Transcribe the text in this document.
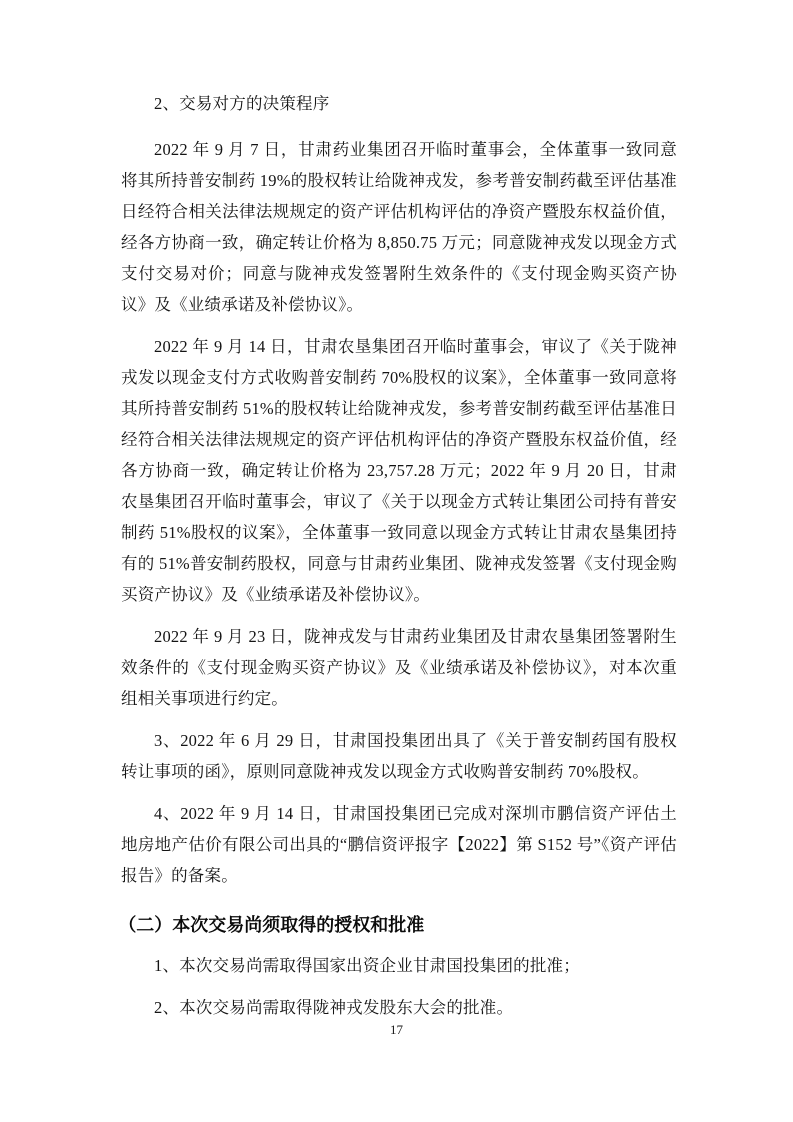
2、交易对方的决策程序
2022 年 9 月 7 日，甘肃药业集团召开临时董事会，全体董事一致同意将其所持普安制药 19%的股权转让给陇神戎发，参考普安制药截至评估基准日经符合相关法律法规规定的资产评估机构评估的净资产暨股东权益价值，经各方协商一致，确定转让价格为 8,850.75 万元；同意陇神戎发以现金方式支付交易对价；同意与陇神戎发签署附生效条件的《支付现金购买资产协议》及《业绩承诺及补偿协议》。
2022 年 9 月 14 日，甘肃农垦集团召开临时董事会，审议了《关于陇神戎发以现金支付方式收购普安制药 70%股权的议案》，全体董事一致同意将其所持普安制药 51%的股权转让给陇神戎发，参考普安制药截至评估基准日经符合相关法律法规规定的资产评估机构评估的净资产暨股东权益价值，经各方协商一致，确定转让价格为 23,757.28 万元；2022 年 9 月 20 日，甘肃农垦集团召开临时董事会，审议了《关于以现金方式转让集团公司持有普安制药 51%股权的议案》，全体董事一致同意以现金方式转让甘肃农垦集团持有的 51%普安制药股权，同意与甘肃药业集团、陇神戎发签署《支付现金购买资产协议》及《业绩承诺及补偿协议》。
2022 年 9 月 23 日，陇神戎发与甘肃药业集团及甘肃农垦集团签署附生效条件的《支付现金购买资产协议》及《业绩承诺及补偿协议》，对本次重组相关事项进行约定。
3、2022 年 6 月 29 日，甘肃国投集团出具了《关于普安制药国有股权转让事项的函》，原则同意陇神戎发以现金方式收购普安制药 70%股权。
4、2022 年 9 月 14 日，甘肃国投集团已完成对深圳市鹏信资产评估土地房地产估价有限公司出具的“鹏信资评报字【2022】第 S152 号”《资产评估报告》的备案。
（二）本次交易尚须取得的授权和批准
1、本次交易尚需取得国家出资企业甘肃国投集团的批准；
2、本次交易尚需取得陇神戎发股东大会的批准。
17
